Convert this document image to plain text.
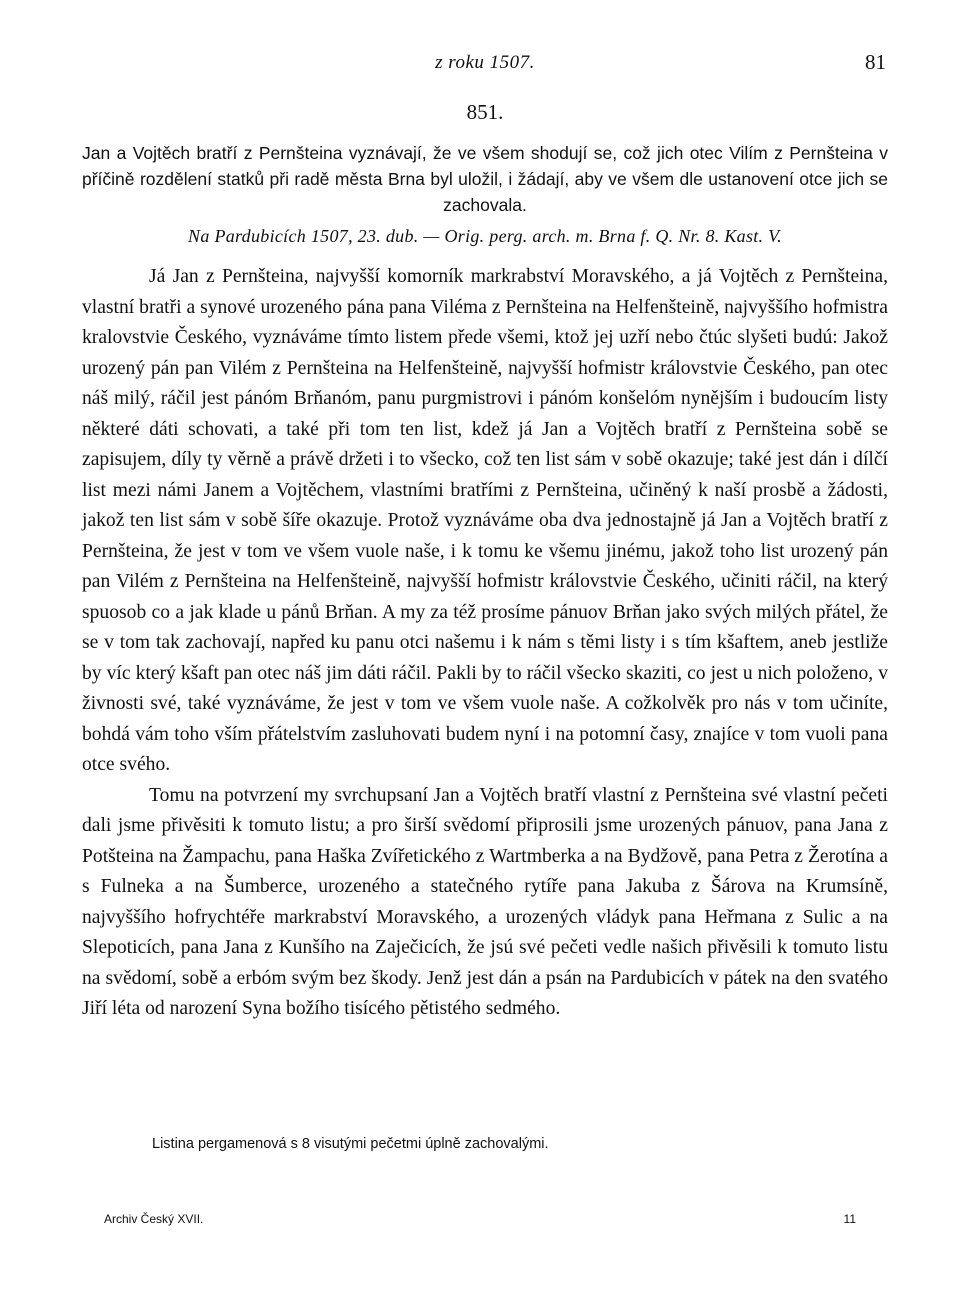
z roku 1507.	81
851.
Jan a Vojtěch bratří z Pernšteina vyznávají, že ve všem shodují se, což jich otec Vilím z Pernšteina v příčině rozdělení statků při radě města Brna byl uložil, i žádají, aby ve všem dle ustanovení otce jich se zachovala.
Na Pardubicích 1507, 23. dub. — Orig. perg. arch. m. Brna f. Q. Nr. 8. Kast. V.

Já Jan z Pernšteina, najvyšší komorník markrabství Moravského, a já Vojtěch z Pernšteina, vlastní bratři a synové urozeného pána pana Viléma z Pernšteina na Helfenšteině, najvyššího hofmistra kralovstvie Českého, vyznáváme tímto listem přede všemi, ktož jej uzří nebo čtúc slyšeti budú: Jakož urozený pán pan Vilém z Pernšteina na Helfenšteině, najvyšší hofmistr královstvie Českého, pan otec náš milý, ráčil jest pánóm Brňanóm, panu purgmistrovi i pánóm konšelóm nynějším i budoucím listy některé dáti schovati, a také při tom ten list, kdež já Jan a Vojtěch bratří z Pernšteina sobě se zapisujem, díly ty věrně a právě držeti i to všecko, což ten list sám v sobě okazuje; také jest dán i dílčí list mezi námi Janem a Vojtěchem, vlastními bratřími z Pernšteina, učiněný k naší prosbě a žádosti, jakož ten list sám v sobě šíře okazuje. Protož vyznáváme oba dva jednostajně já Jan a Vojtěch bratří z Pernšteina, že jest v tom ve všem vuole naše, i k tomu ke všemu jinému, jakož toho list urozený pán pan Vilém z Pernšteina na Helfenšteině, najvyšší hofmistr královstvie Českého, učiniti ráčil, na který spuosob co a jak klade u pánů Brňan. A my za též prosíme pánuov Brňan jako svých milých přátel, že se v tom tak zachovají, napřed ku panu otci našemu i k nám s těmi listy i s tím kšaftem, aneb jestliže by víc který kšaft pan otec náš jim dáti ráčil. Pakli by to ráčil všecko skaziti, co jest u nich položeno, v živnosti své, také vyznáváme, že jest v tom ve všem vuole naše. A cožkolvěk pro nás v tom učiníte, bohdá vám toho vším přátelstvím zasluhovati budem nyní i na potomní časy, znajíce v tom vuoli pana otce svého.

Tomu na potvrzení my svrchupsaní Jan a Vojtěch bratří vlastní z Pernšteina své vlastní pečeti dali jsme přivěsiti k tomuto listu; a pro širší svědomí připrosili jsme urozených pánuov, pana Jana z Potšteina na Žampachu, pana Haška Zvířetického z Wartmberka a na Bydžově, pana Petra z Žerotína a s Fulneka a na Šumberce, urozeného a statečného rytíře pana Jakuba z Šárova na Krumsíně, najvyššího hofrychtéře markrabství Moravského, a urozených vládyk pana Heřmana z Sulic a na Slepoticích, pana Jana z Kunšího na Zaječicích, že jsú své pečeti vedle našich přivěsili k tomuto listu na svědomí, sobě a erbóm svým bez škody. Jenž jest dán a psán na Pardubicích v pátek na den svatého Jiří léta od narození Syna božího tisícého pětistého sedmého.

Listina pergamenová s 8 visutými pečetmi úplně zachovalými.
Archiv Český XVII.	11
